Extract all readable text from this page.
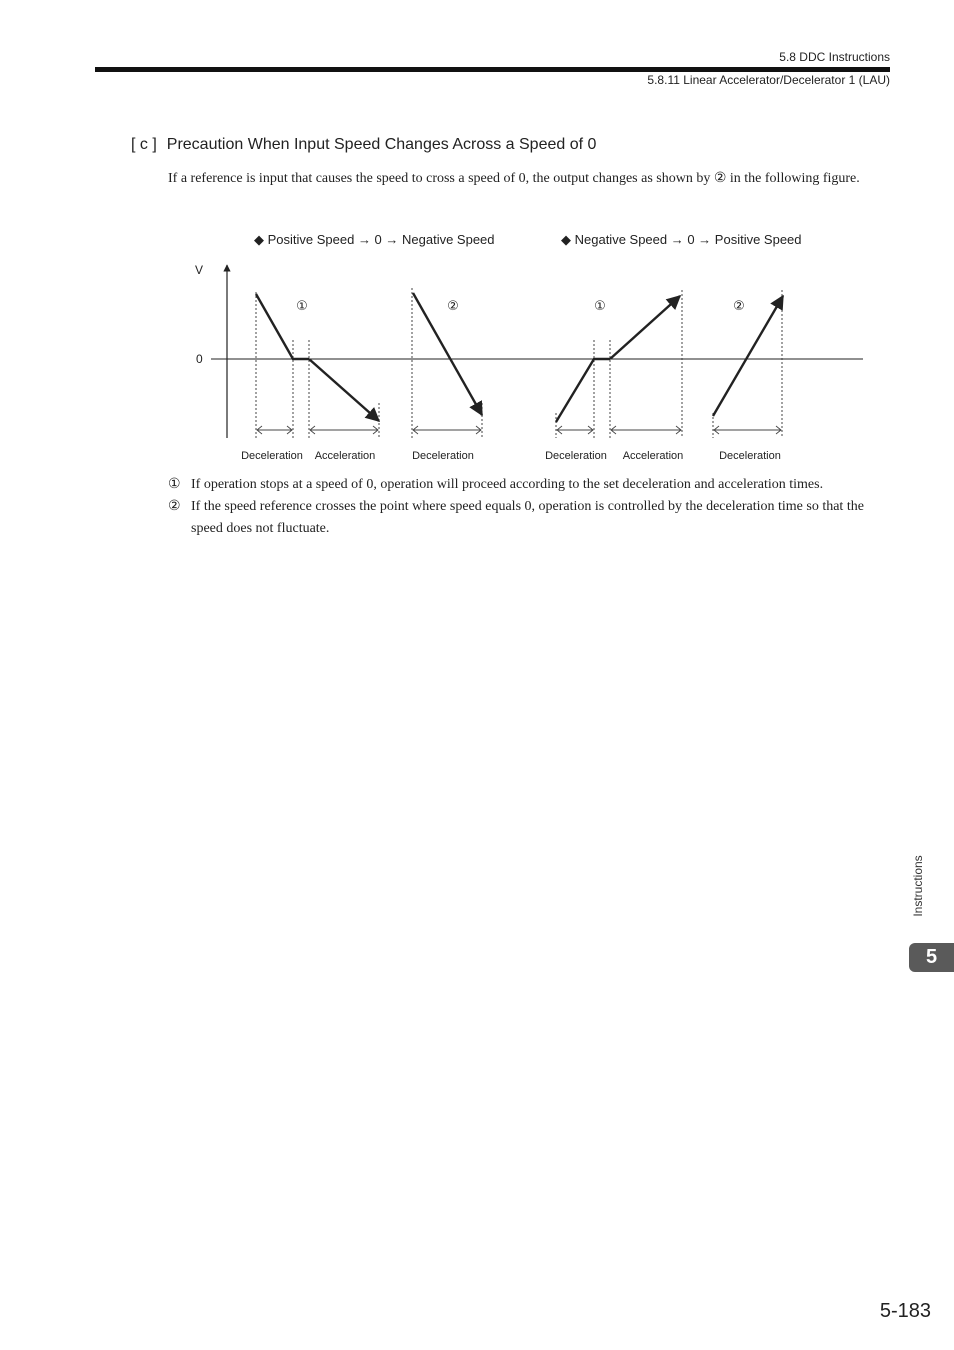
5.8 DDC Instructions
5.8.11 Linear Accelerator/Decelerator 1 (LAU)
[ c ] Precaution When Input Speed Changes Across a Speed of 0
If a reference is input that causes the speed to cross a speed of 0, the output changes as shown by ② in the following figure.
◆ Positive Speed → 0 → Negative Speed	◆ Negative Speed → 0 → Positive Speed
V
0
①	②	①	②
Deceleration Acceleration	Deceleration	Deceleration Acceleration	Deceleration
① If operation stops at a speed of 0, operation will proceed according to the set deceleration and acceleration times.
② If the speed reference crosses the point where speed equals 0, operation is controlled by the deceleration time so that the speed does not fluctuate.
Instructions
5
5-183
